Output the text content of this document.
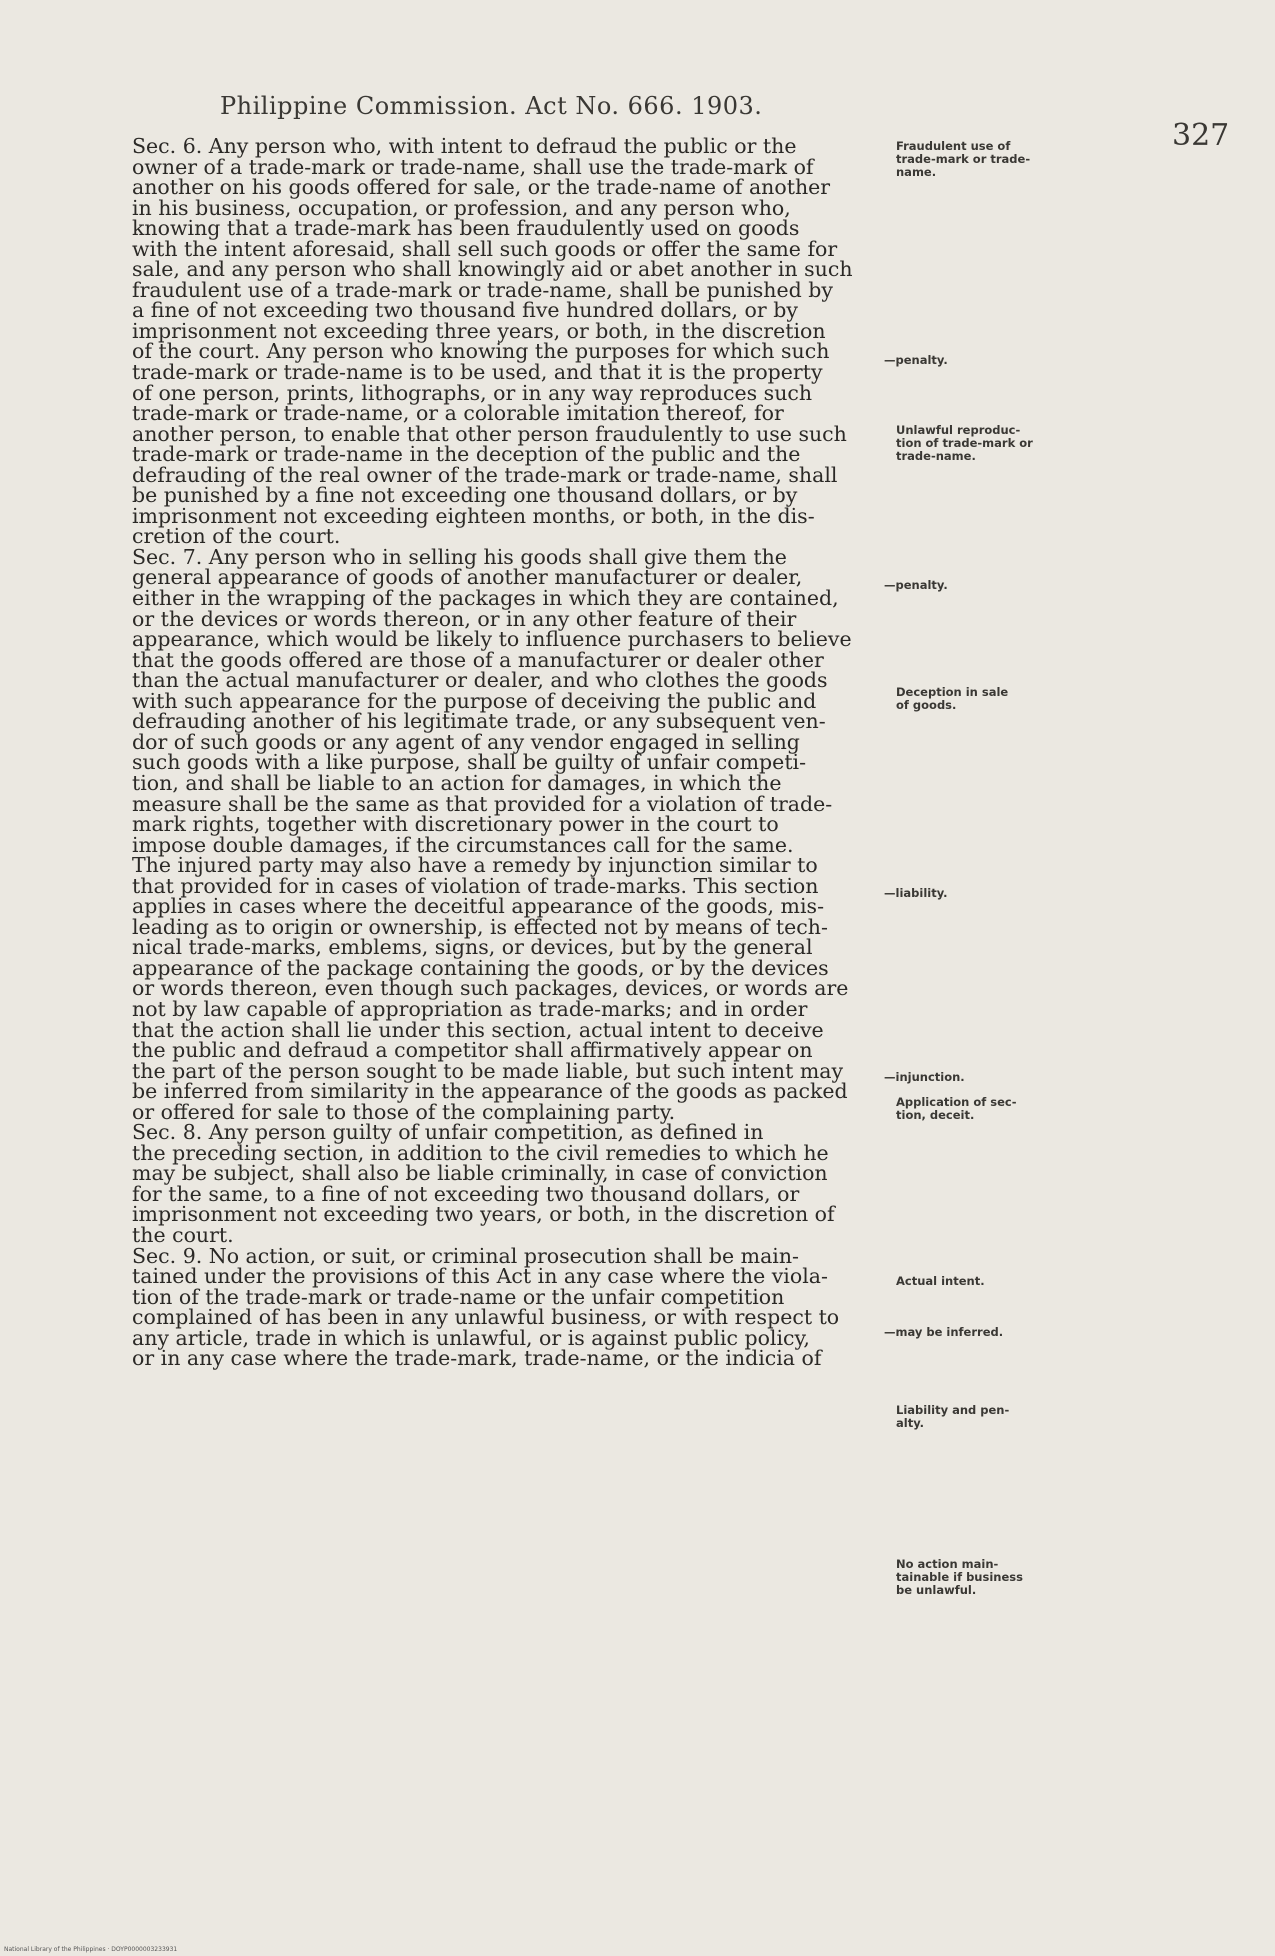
Philippine Commission. Act No. 666. 1903.
327

Sec. 6. Any person who, with intent to defraud the public or the
owner of a trade-mark or trade-name, shall use the trade-mark of
another on his goods offered for sale, or the trade-name of another
in his business, occupation, or profession, and any person who,
knowing that a trade-mark has been fraudulently used on goods
with the intent aforesaid, shall sell such goods or offer the same for
sale, and any person who shall knowingly aid or abet another in such
fraudulent use of a trade-mark or trade-name, shall be punished by
a fine of not exceeding two thousand five hundred dollars, or by
imprisonment not exceeding three years, or both, in the discretion
of the court. Any person who knowing the purposes for which such
trade-mark or trade-name is to be used, and that it is the property
of one person, prints, lithographs, or in any way reproduces such
trade-mark or trade-name, or a colorable imitation thereof, for
another person, to enable that other person fraudulently to use such
trade-mark or trade-name in the deception of the public and the
defrauding of the real owner of the trade-mark or trade-name, shall
be punished by a fine not exceeding one thousand dollars, or by
imprisonment not exceeding eighteen months, or both, in the dis-
cretion of the court.

Sec. 7. Any person who in selling his goods shall give them the
general appearance of goods of another manufacturer or dealer,
either in the wrapping of the packages in which they are contained,
or the devices or words thereon, or in any other feature of their
appearance, which would be likely to influence purchasers to believe
that the goods offered are those of a manufacturer or dealer other
than the actual manufacturer or dealer, and who clothes the goods
with such appearance for the purpose of deceiving the public and
defrauding another of his legitimate trade, or any subsequent ven-
dor of such goods or any agent of any vendor engaged in selling
such goods with a like purpose, shall be guilty of unfair competi-
tion, and shall be liable to an action for damages, in which the
measure shall be the same as that provided for a violation of trade-
mark rights, together with discretionary power in the court to
impose double damages, if the circumstances call for the same.
The injured party may also have a remedy by injunction similar to
that provided for in cases of violation of trade-marks. This section
applies in cases where the deceitful appearance of the goods, mis-
leading as to origin or ownership, is effected not by means of tech-
nical trade-marks, emblems, signs, or devices, but by the general
appearance of the package containing the goods, or by the devices
or words thereon, even though such packages, devices, or words are
not by law capable of appropriation as trade-marks; and in order
that the action shall lie under this section, actual intent to deceive
the public and defraud a competitor shall affirmatively appear on
the part of the person sought to be made liable, but such intent may
be inferred from similarity in the appearance of the goods as packed
or offered for sale to those of the complaining party.

Sec. 8. Any person guilty of unfair competition, as defined in
the preceding section, in addition to the civil remedies to which he
may be subject, shall also be liable criminally, in case of conviction
for the same, to a fine of not exceeding two thousand dollars, or
imprisonment not exceeding two years, or both, in the discretion of
the court.

Sec. 9. No action, or suit, or criminal prosecution shall be main-
tained under the provisions of this Act in any case where the viola-
tion of the trade-mark or trade-name or the unfair competition
complained of has been in any unlawful business, or with respect to
any article, trade in which is unlawful, or is against public policy,
or in any case where the trade-mark, trade-name, or the indicia of

Fraudulent use of
trade-mark or trade-
name.
—penalty.
Unlawful reproduc-
tion of trade-mark or
trade-name.
—penalty.
Deception in sale
of goods.
—liability.
—injunction.
Application of sec-
tion, deceit.
Actual intent.
—may be inferred.
Liability and pen-
alty.
No action main-
tainable if business
be unlawful.
National Library of the Philippines · DOYP0000003233931
